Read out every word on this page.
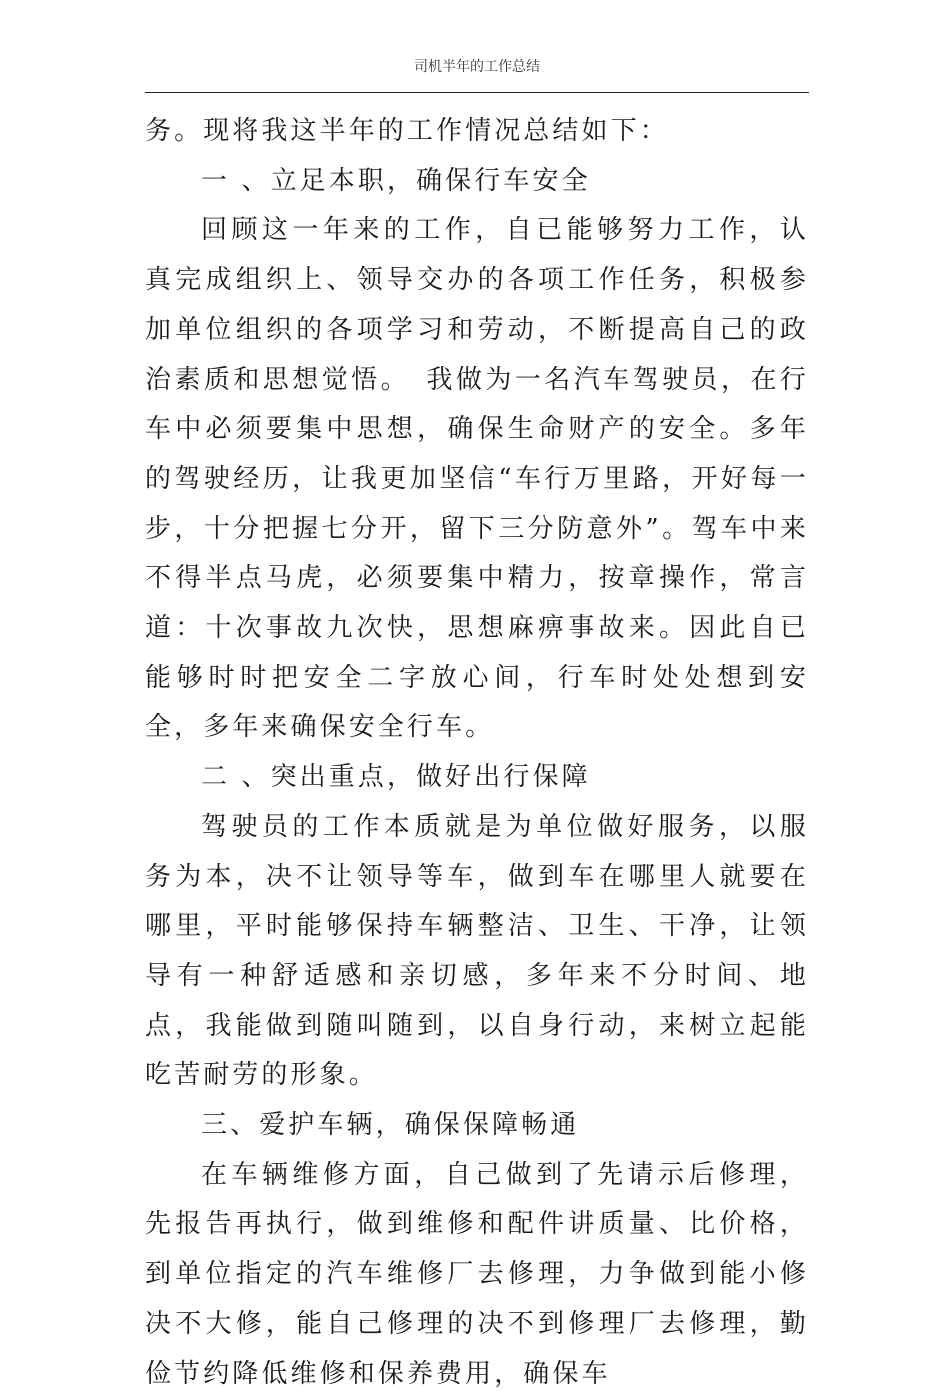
司机半年的工作总结

务。现将我这半年的工作情况总结如下：

一 、立足本职，确保行车安全

回顾这一年来的工作，自已能够努力工作，认真完成组织上、领导交办的各项工作任务，积极参加单位组织的各项学习和劳动，不断提高自己的政治素质和思想觉悟。　我做为一名汽车驾驶员，在行车中必须要集中思想，确保生命财产的安全。多年的驾驶经历，让我更加坚信“车行万里路，开好每一步，十分把握七分开，留下三分防意外”。驾车中来不得半点马虎，必须要集中精力，按章操作，常言道：十次事故九次快，思想麻痹事故来。因此自已能够时时把安全二字放心间，行车时处处想到安全，多年来确保安全行车。

二 、突出重点，做好出行保障

驾驶员的工作本质就是为单位做好服务，以服务为本，决不让领导等车，做到车在哪里人就要在哪里，平时能够保持车辆整洁、卫生、干净，让领导有一种舒适感和亲切感，多年来不分时间、地点，我能做到随叫随到，以自身行动，来树立起能吃苦耐劳的形象。

三、爱护车辆，确保保障畅通

在车辆维修方面，自己做到了先请示后修理，先报告再执行，做到维修和配件讲质量、比价格，到单位指定的汽车维修厂去修理，力争做到能小修决不大修，能自己修理的决不到修理厂去修理，勤俭节约降低维修和保养费用，确保车
